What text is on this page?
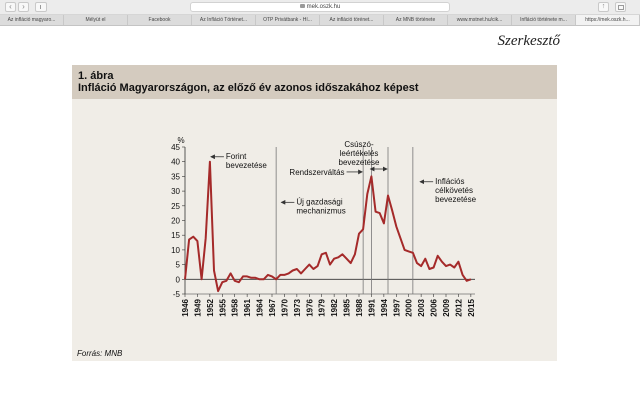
‹	›	mek.oszk.hu	↑
Az infláció magyaro...	Mélyüt el	Facebook	Az Infláció Történet...	OTP Privátbank - Hí...	Az infláció törénet...	Az MNB története	www.mstnet.hu/cik...	Infláció története m...	https://mek.oszk.h...
Szerkesztő
1. ábra
Infláció Magyarországon, az előző év azonos időszakához képest
-5
0
5
10
15
20
25
30
35
40
45
%
1946 1949 1952 1955 1958 1961 1964 1967 1970 1973 1976 1979 1982 1985 1988 1991 1994 1997 2000 2003 2006 2009 2012 2015
Forint
bevezetése
Csúszó-
leértékelés
bevezetése
Rendszerváltás
Új gazdasági
mechanizmus
Inflációs
célkövetés
bevezetése
Forrás: MNB
